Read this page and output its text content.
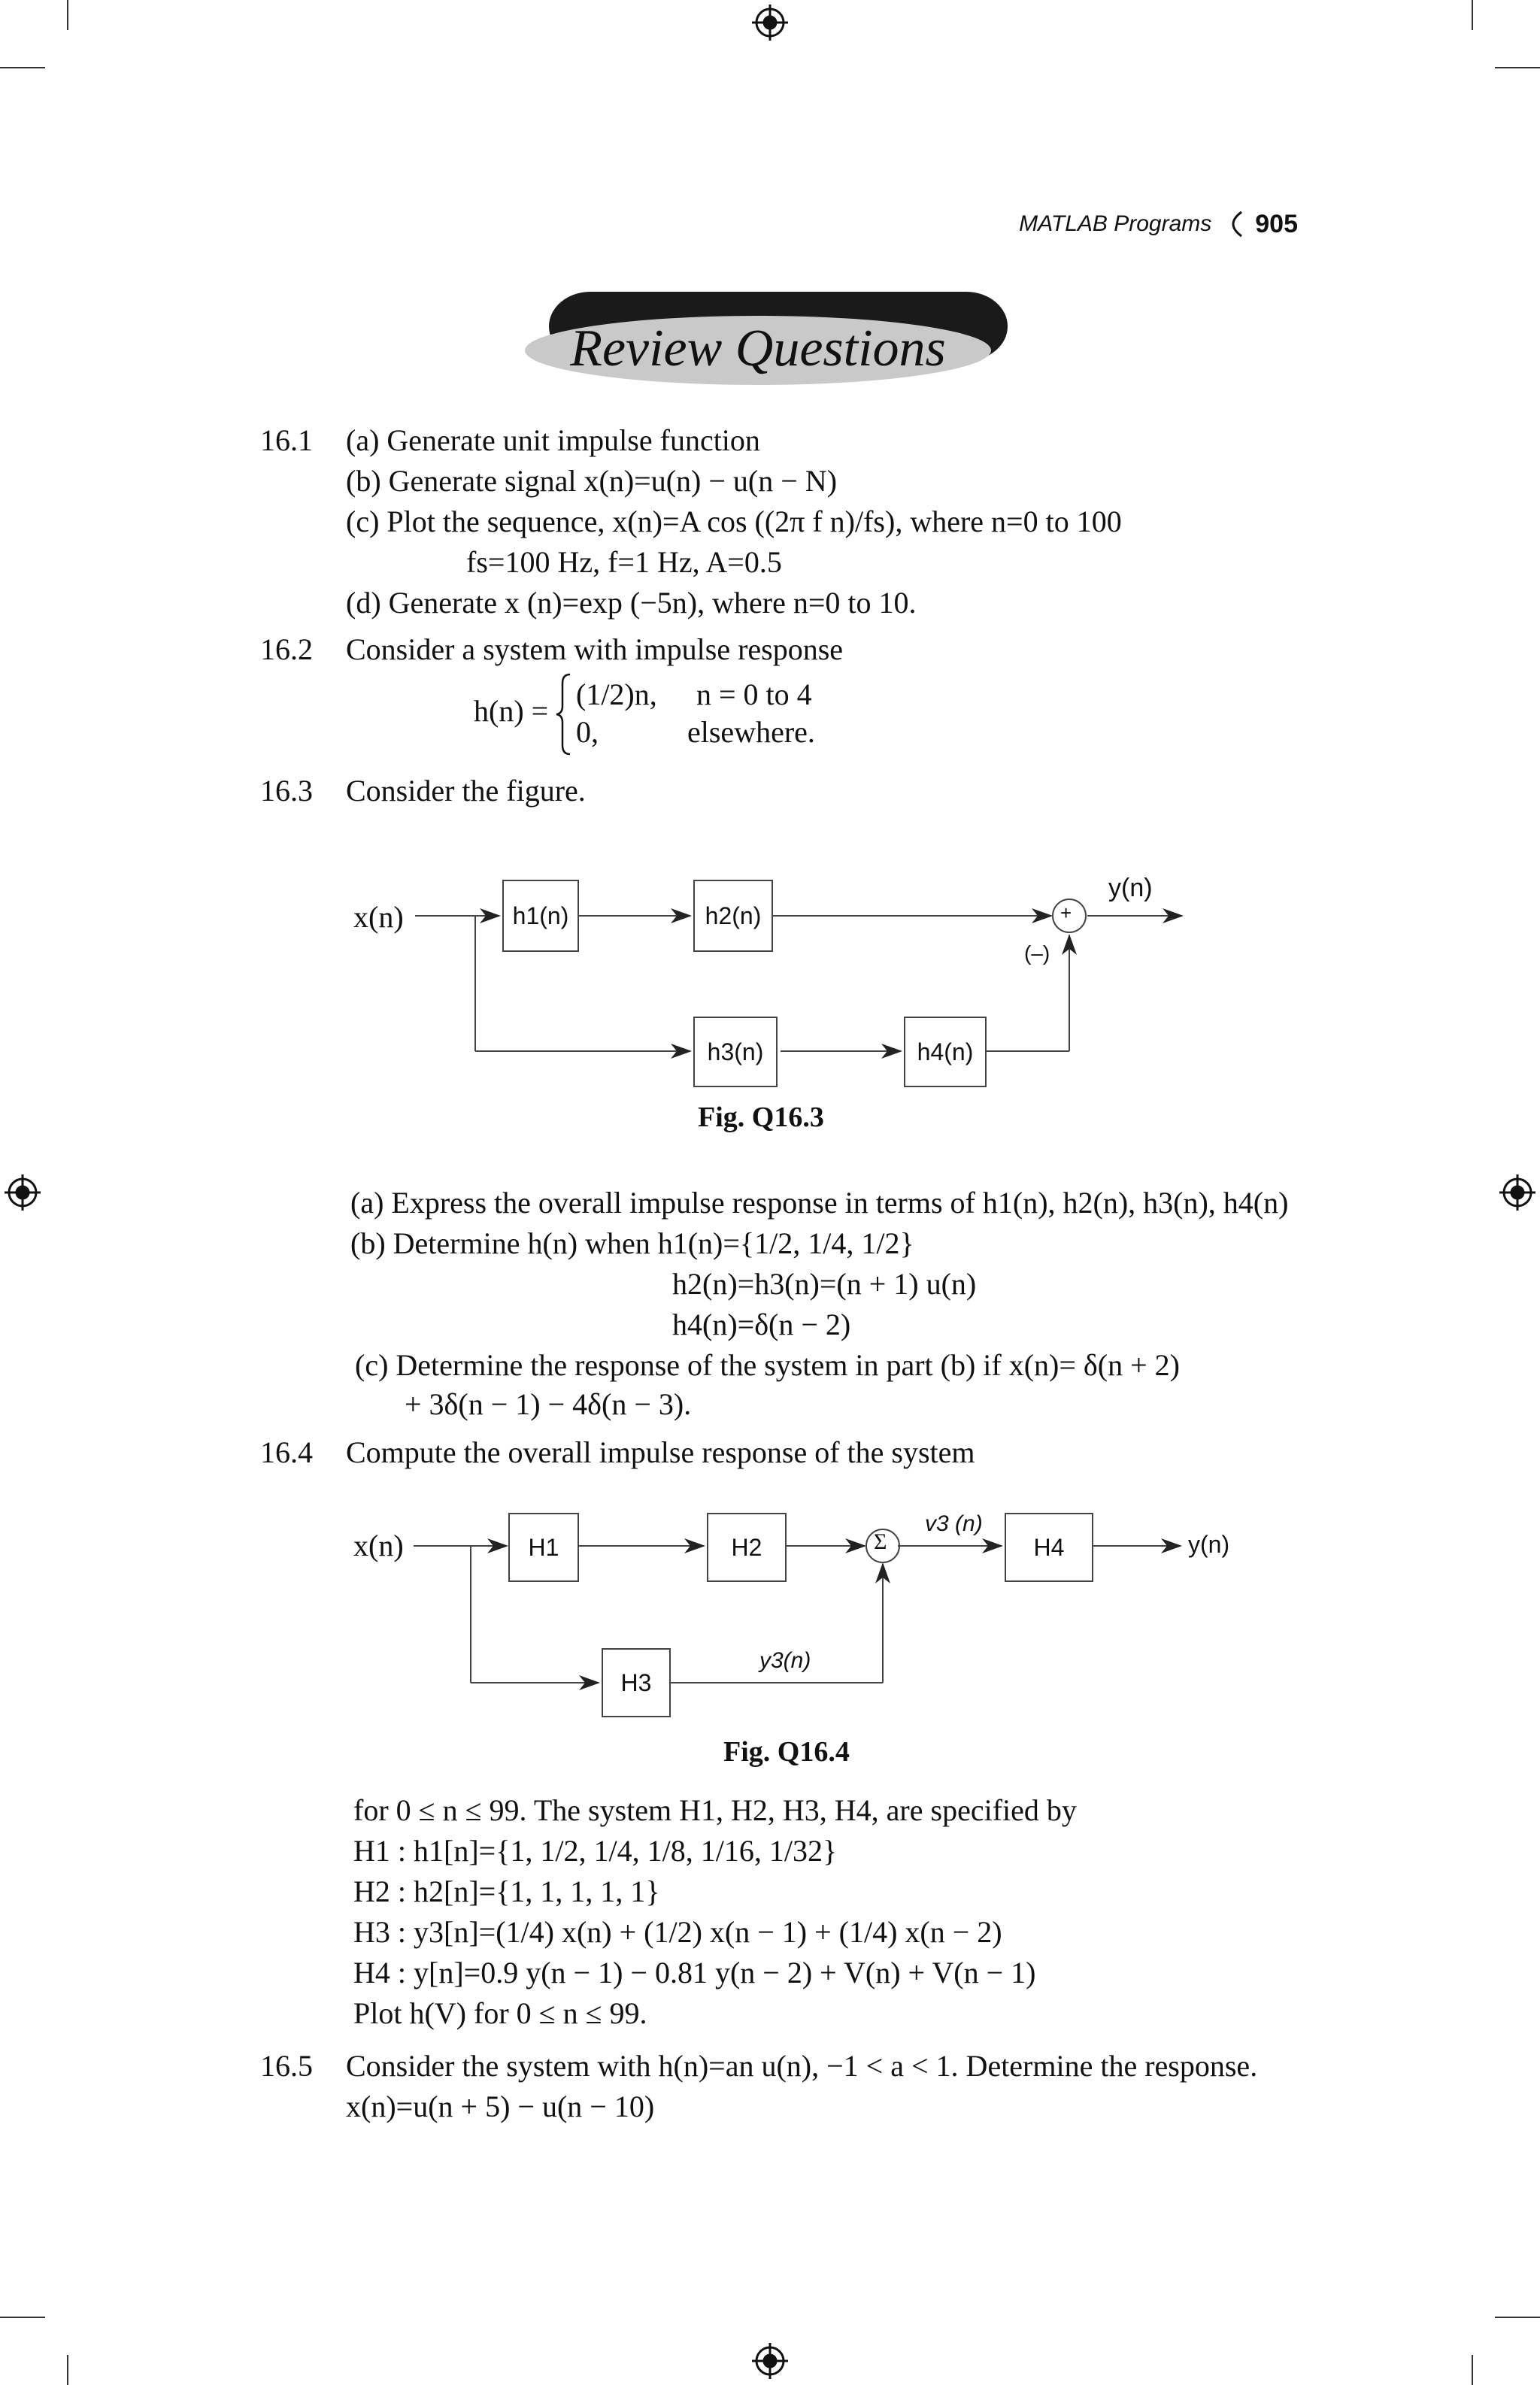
MATLAB Programs 905
Review Questions
16.1 (a) Generate unit impulse function
(b) Generate signal x(n)=u(n) − u(n − N)
(c) Plot the sequence, x(n)=A cos ((2π f n)/fs), where n=0 to 100
fs=100 Hz, f=1 Hz, A=0.5
(d) Generate x (n)=exp (−5n), where n=0 to 10.
16.2 Consider a system with impulse response
h(n) = (1/2)n, n = 0 to 4
0,	elsewhere.
16.3 Consider the figure.
x(n)	h1(n)	h2(n)
h3(n)	h4(n)
+
(–)
y(n)
Fig. Q16.3
(a) Express the overall impulse response in terms of h1(n), h2(n), h3(n), h4(n)
(b) Determine h(n) when h1(n)={1/2, 1/4, 1/2}
h2(n)=h3(n)=(n + 1) u(n)
h4(n)=δ(n − 2)
(c) Determine the response of the system in part (b) if x(n)= δ(n + 2)
+ 3δ(n − 1) − 4δ(n − 3).
16.4 Compute the overall impulse response of the system
x(n)	H1	H2	H4
H3
Σ
v3 (n)
y3(n)
y(n)
Fig. Q16.4
for 0 ≤ n ≤ 99. The system H1, H2, H3, H4, are specified by
H1 : h1[n]={1, 1/2, 1/4, 1/8, 1/16, 1/32}
H2 : h2[n]={1, 1, 1, 1, 1}
H3 : y3[n]=(1/4) x(n) + (1/2) x(n − 1) + (1/4) x(n − 2)
H4 : y[n]=0.9 y(n − 1) − 0.81 y(n − 2) + V(n) + V(n − 1)
Plot h(V) for 0 ≤ n ≤ 99.
16.5 Consider the system with h(n)=an u(n), −1 < a < 1. Determine the response.
x(n)=u(n + 5) − u(n − 10)
